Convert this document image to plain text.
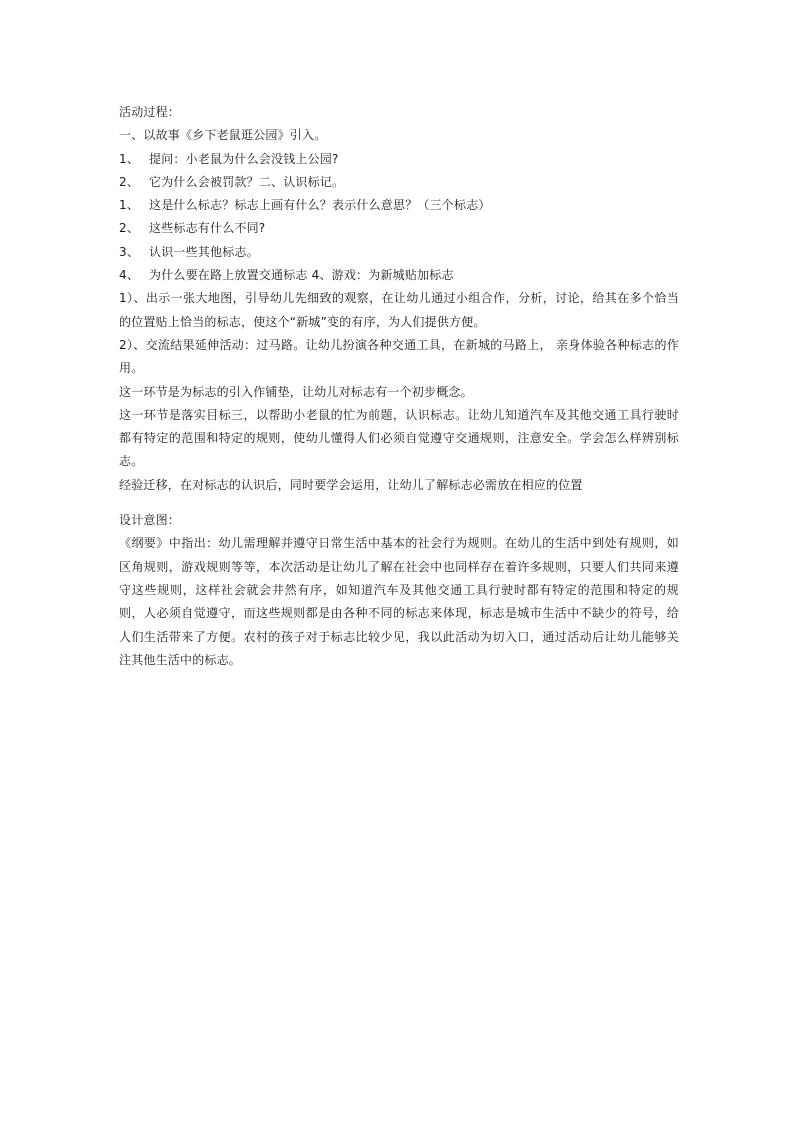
活动过程：

一、以故事《乡下老鼠逛公园》引入。

1、 提问：小老鼠为什么会没钱上公园?

2、 它为什么会被罚款？二、认识标记。

1、 这是什么标志？标志上画有什么？表示什么意思？（三个标志）

2、 这些标志有什么不同?

3、 认识一些其他标志。

4、 为什么要在路上放置交通标志 4、游戏：为新城贴加标志

1）、出示一张大地图，引导幼儿先细致的观察，在让幼儿通过小组合作，分析，讨论，给其在多个恰当的位置贴上恰当的标志，使这个“新城”变的有序，为人们提供方便。

2）、交流结果延伸活动：过马路。让幼儿扮演各种交通工具，在新城的马路上， 亲身体验各种标志的作用。

这一环节是为标志的引入作铺垫，让幼儿对标志有一个初步概念。

这一环节是落实目标三，以帮助小老鼠的忙为前题，认识标志。让幼儿知道汽车及其他交通工具行驶时都有特定的范围和特定的规则，使幼儿懂得人们必须自觉遵守交通规则，注意安全。学会怎么样辨别标志。

经验迁移，在对标志的认识后，同时要学会运用，让幼儿了解标志必需放在相应的位置

设计意图：

《纲要》中指出：幼儿需理解并遵守日常生活中基本的社会行为规则。在幼儿的生活中到处有规则，如区角规则，游戏规则等等，本次活动是让幼儿了解在社会中也同样存在着许多规则，只要人们共同来遵守这些规则，这样社会就会井然有序，如知道汽车及其他交通工具行驶时都有特定的范围和特定的规则，人必须自觉遵守，而这些规则都是由各种不同的标志来体现，标志是城市生活中不缺少的符号，给人们生活带来了方便。农村的孩子对于标志比较少见，我以此活动为切入口，通过活动后让幼儿能够关注其他生活中的标志。
